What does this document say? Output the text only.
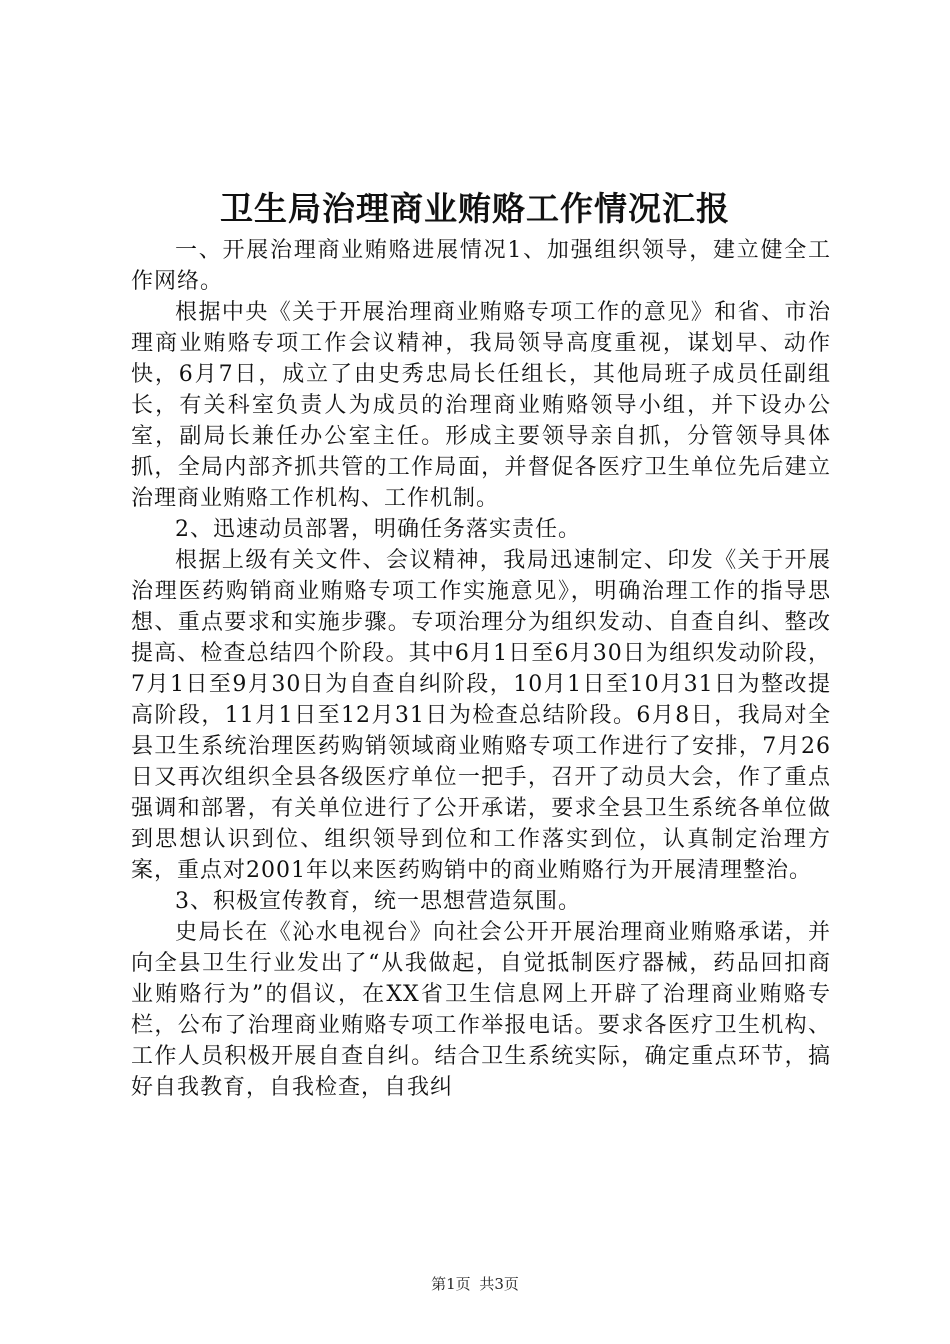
卫生局治理商业贿赂工作情况汇报

一、开展治理商业贿赂进展情况1、加强组织领导，建立健全工作网络。

根据中央《关于开展治理商业贿赂专项工作的意见》和省、市治理商业贿赂专项工作会议精神，我局领导高度重视，谋划早、动作快，6月7日，成立了由史秀忠局长任组长，其他局班子成员任副组长，有关科室负责人为成员的治理商业贿赂领导小组，并下设办公室，副局长兼任办公室主任。形成主要领导亲自抓，分管领导具体抓，全局内部齐抓共管的工作局面，并督促各医疗卫生单位先后建立治理商业贿赂工作机构、工作机制。

2、迅速动员部署，明确任务落实责任。

根据上级有关文件、会议精神，我局迅速制定、印发《关于开展治理医药购销商业贿赂专项工作实施意见》，明确治理工作的指导思想、重点要求和实施步骤。专项治理分为组织发动、自查自纠、整改提高、检查总结四个阶段。其中6月1日至6月30日为组织发动阶段，7月1日至9月30日为自查自纠阶段，10月1日至10月31日为整改提高阶段，11月1日至12月31日为检查总结阶段。6月8日，我局对全县卫生系统治理医药购销领域商业贿赂专项工作进行了安排，7月26日又再次组织全县各级医疗单位一把手，召开了动员大会，作了重点强调和部署，有关单位进行了公开承诺，要求全县卫生系统各单位做到思想认识到位、组织领导到位和工作落实到位，认真制定治理方案，重点对2001年以来医药购销中的商业贿赂行为开展清理整治。

3、积极宣传教育，统一思想营造氛围。

史局长在《沁水电视台》向社会公开开展治理商业贿赂承诺，并向全县卫生行业发出了“从我做起，自觉抵制医疗器械，药品回扣商业贿赂行为”的倡议，在XX省卫生信息网上开辟了治理商业贿赂专栏，公布了治理商业贿赂专项工作举报电话。要求各医疗卫生机构、工作人员积极开展自查自纠。结合卫生系统实际，确定重点环节，搞好自我教育，自我检查，自我纠

第1页 共3页
